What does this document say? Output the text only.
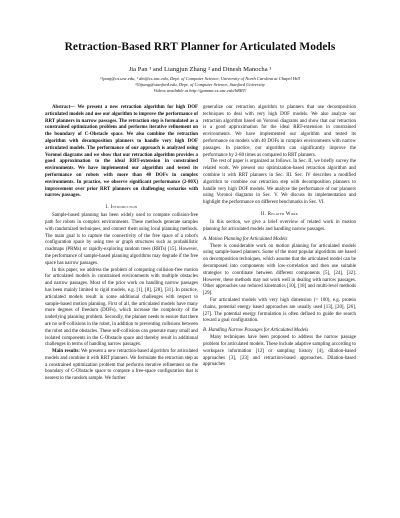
Retraction-Based RRT Planner for Articulated Models
Jia Pan ¹ and Liangjun Zhang ² and Dinesh Manocha ¹
¹{panj@cs.unc.edu, ¹ dm@cs.unc.edu, Dept. of Computer Science, University of North Carolina at Chapel Hill
²{lijiang@stanford.edu, Dept. of Computer Science, Stanford University
Videos available at http://gamma.cs.unc.edu/hRRT/

Abstract— We present a new retraction algorithm for high DOF articulated models and use our algorithm to improve the performance of RRT planners in narrow passages. The retraction step is formulated as a constrained optimization problem and performs iterative refinement on the boundary of C-Obstacle space. We also combine the retraction algorithm with decomposition planners to handle very high DOF articulated models. The performance of our approach is analyzed using Voronoi diagrams and we show that our retraction algorithm provides a good approximation to the ideal RRT-extension in constrained environments. We have implemented our algorithm and tested its performance on robots with more than 40 DOFs in complex environments. In practice, we observe significant performance (2-80X) improvement over prior RRT planners on challenging scenarios with narrow passages.

I. Introduction

Sample-based planning has been widely used to compute collision-free path for robots in complex environments. These methods generate samples with randomized techniques, and connect them using local planning methods. The main goal is to capture the connectivity of the free space of a robot's configuration space by using tree or graph structures such as probabilistic roadmaps (PRMs) or rapidly-exploring random trees (RRTs) [15]. However, the performance of sample-based planning algorithms may degrade if the free space has narrow passages.

In this paper, we address the problem of computing collision-free motion for articulated models in constrained environments with multiple obstacles and narrow passages. Most of the prior work on handling narrow passages has been mainly limited to rigid models, e.g. [1], [8], [28], [31]. In practice, articulated models result in some additional challenges with respect to sample-based motion planning. First of all, the articulated models have many more degrees of freedom (DOFs), which increase the complexity of the underlying planning problem. Secondly, the planner needs to ensure that there are no self-collisions in the robot, in addition to preventing collisions between the robot and the obstacles. These self-collisions can generate many small and isolated components in the C-Obstacle space and thereby result in additional challenges in terms of handling narrow passages.

Main results: We present a new retraction-based algorithm for articulated models and combine it with RRT planners. We formulate the retraction step as a constrained optimization problem that performs iterative refinement on the boundary of C-Obstacle space to compute a free-space configuration that is nearest to the random sample. We further

generalize our retraction algorithm to planners that use decomposition techniques to deal with very high DOF models. We also analyze our retraction algorithm based on Voronoi diagrams and show that our retraction is a good approximation for the ideal RRT-extension in constrained environments. We have implemented our algorithm and tested its performance on models with 40 DOFs in complex environments with narrow passages. In practice, our algorithm can significantly improve the performance by 2-80 times as compared to RRT planners.

The rest of paper is organized as follows. In Sec. II, we briefly survey the related work. We present our optimization-based retraction algorithm and combine it with RRT planners in Sec. III. Sec. IV describes a modified algorithm to combine our retraction step with decomposition planners to handle very high DOF models. We analyze the performance of our planners using Voronoi diagrams in Sec. V. We discuss its implementation and highlight the performance on different benchmarks in Sec. VI.

II. Related Work

In this section, we give a brief overview of related work in motion planning for articulated models and handling narrow passages.

A. Motion Planning for Articulated Models

There is considerable work on motion planning for articulated models using sample-based planners. Some of the most popular algorithms are based on decomposition techniques, which assume that the articulated model can be decomposed into components with low-correlation and then use suitable strategies to coordinate between different components [5], [24], [32]. However, these methods may not work well in dealing with narrow passages. Other approaches use reduced kinematics [10], [18] and multi-level methods [29].

For articulated models with very high dimension (> 100), e.g. protein chains, potential energy based approaches are usually used [13], [20], [26], [27]. The potential energy formulation is often defined to guide the search toward a goal configuration.

B. Handling Narrow Passages for Articulated Models

Many techniques have been proposed to address the narrow passage problem for articulated models. These include adaptive sampling according to workspace information [12] or sampling history [4], dilation-based approaches [3], [23] and retraction-based approaches. Dilation-based approaches
